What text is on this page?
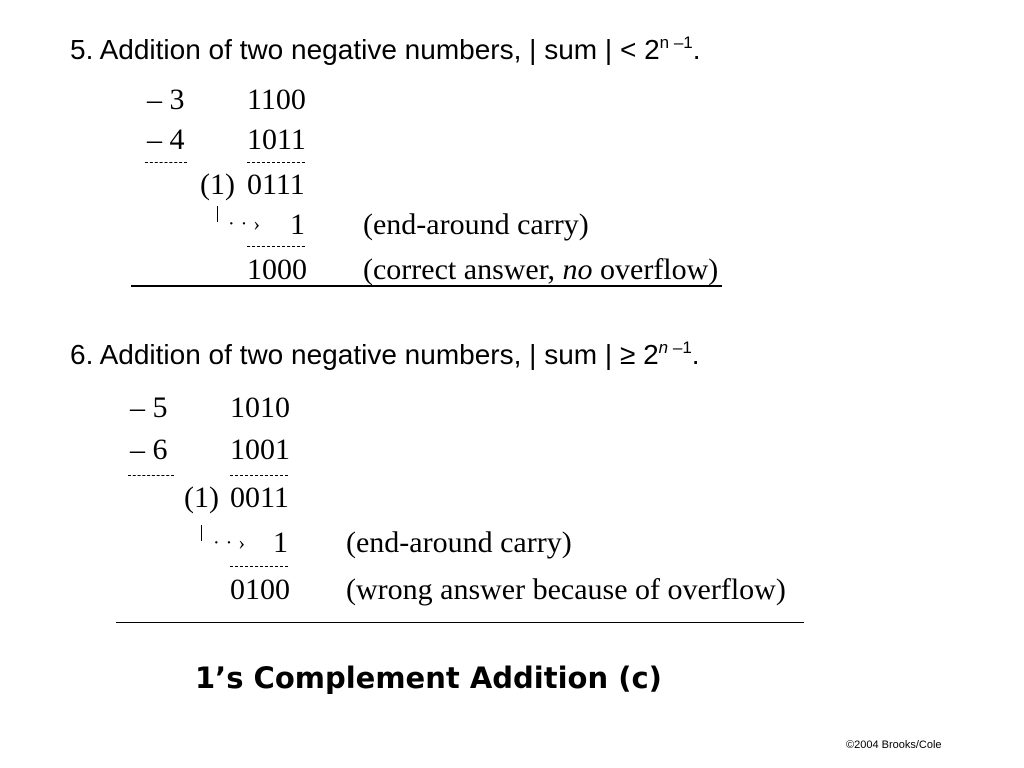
5. Addition of two negative numbers, | sum | < $2^{n -1}$.
– 3 1100
– 4 1011
(1) 0111
··› 1 (end-around carry)
1000 (correct answer, no overflow)
6. Addition of two negative numbers, | sum | ≥ $2^{n -1}$.
– 5 1010
– 6 1001
(1) 0011
··› 1 (end-around carry)
0100 (wrong answer because of overflow)
1’s Complement Addition (c)
©2004 Brooks/Cole
